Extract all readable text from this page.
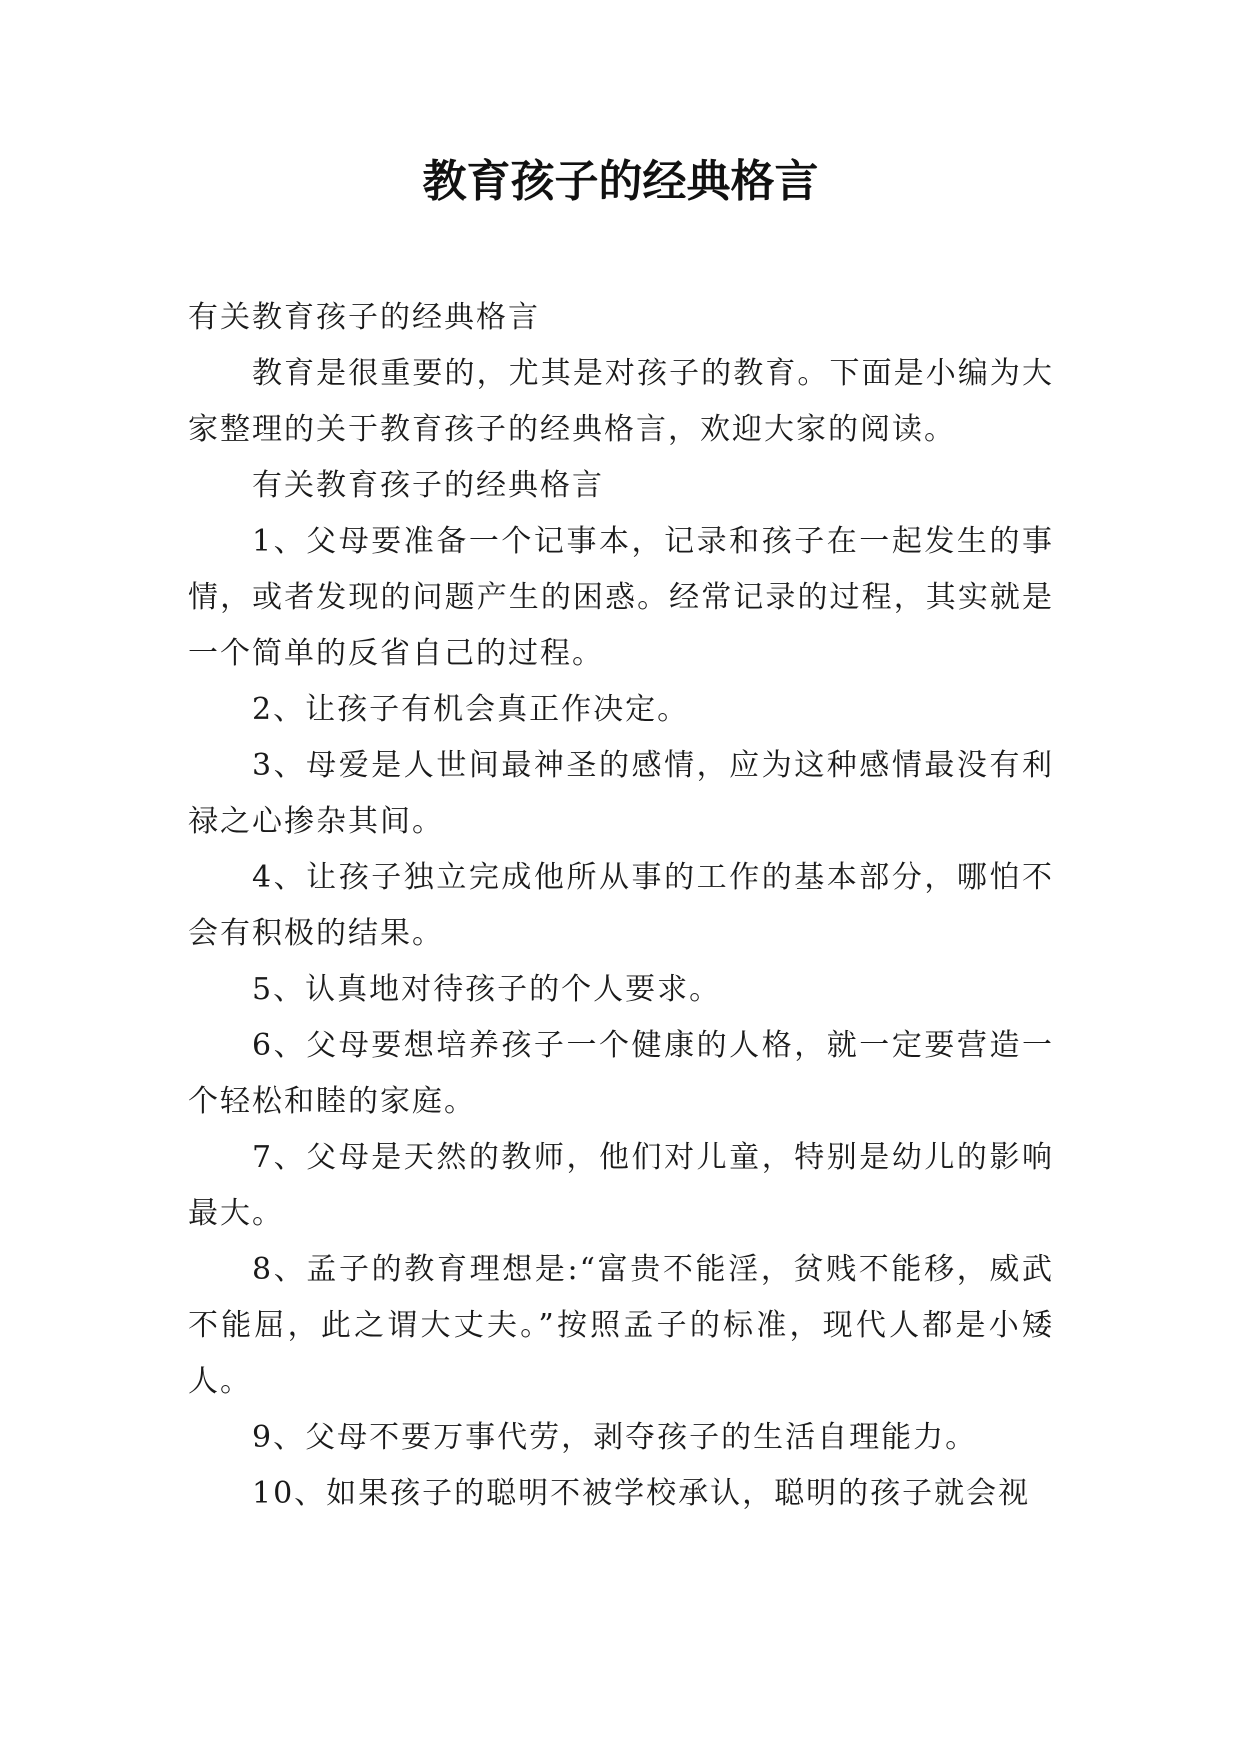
教育孩子的经典格言

有关教育孩子的经典格言

教育是很重要的，尤其是对孩子的教育。下面是小编为大家整理的关于教育孩子的经典格言，欢迎大家的阅读。

有关教育孩子的经典格言

1、父母要准备一个记事本，记录和孩子在一起发生的事情，或者发现的问题产生的困惑。经常记录的过程，其实就是一个简单的反省自己的过程。

2、让孩子有机会真正作决定。

3、母爱是人世间最神圣的感情，应为这种感情最没有利禄之心掺杂其间。

4、让孩子独立完成他所从事的工作的基本部分，哪怕不会有积极的结果。

5、认真地对待孩子的个人要求。

6、父母要想培养孩子一个健康的人格，就一定要营造一个轻松和睦的家庭。

7、父母是天然的教师，他们对儿童，特别是幼儿的影响最大。

8、孟子的教育理想是:“富贵不能淫，贫贱不能移，威武不能屈，此之谓大丈夫。”按照孟子的标准，现代人都是小矮人。

9、父母不要万事代劳，剥夺孩子的生活自理能力。

10、如果孩子的聪明不被学校承认，聪明的孩子就会视
